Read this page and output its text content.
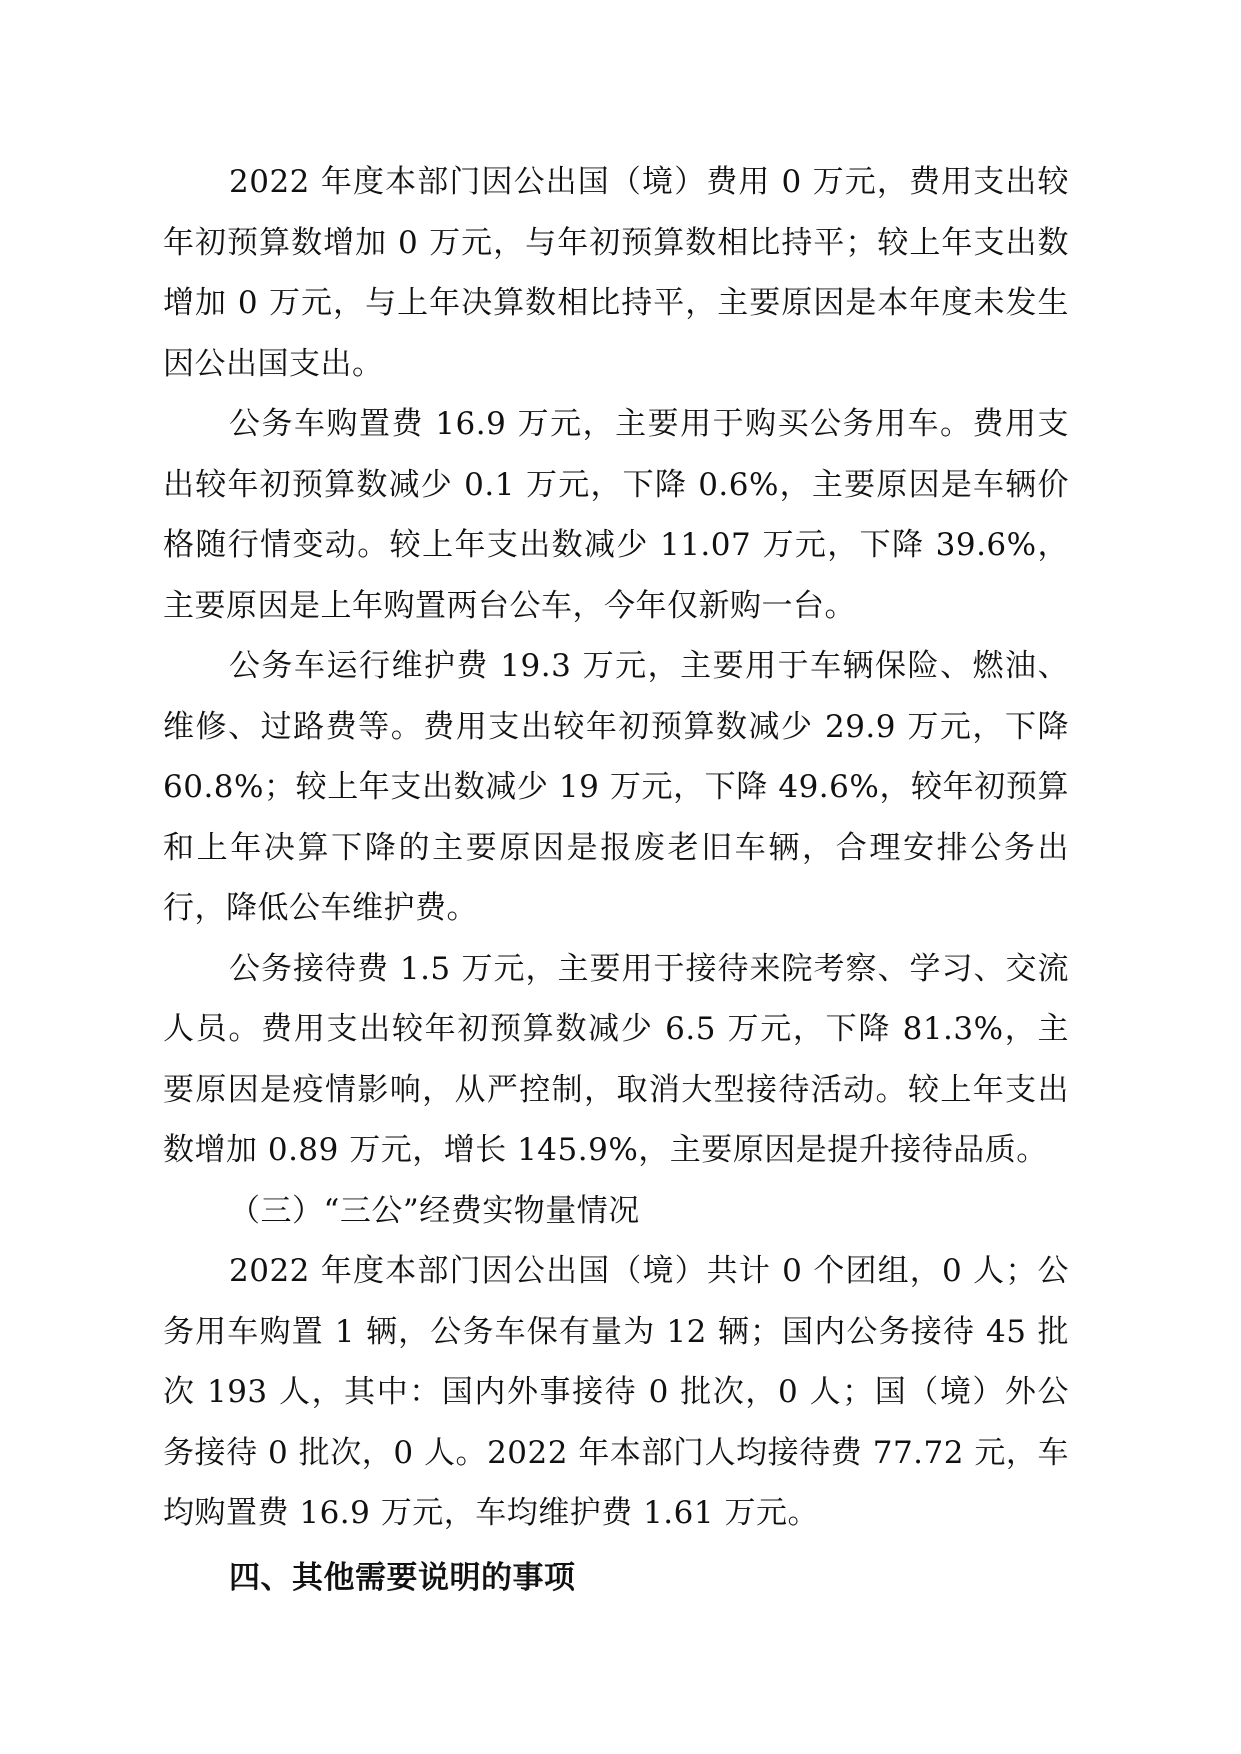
2022 年度本部门因公出国（境）费用 0 万元，费用支出较年初预算数增加 0 万元，与年初预算数相比持平；较上年支出数增加 0 万元，与上年决算数相比持平，主要原因是本年度未发生因公出国支出。

公务车购置费 16.9 万元，主要用于购买公务用车。费用支出较年初预算数减少 0.1 万元，下降 0.6%，主要原因是车辆价格随行情变动。较上年支出数减少 11.07 万元，下降 39.6%，主要原因是上年购置两台公车，今年仅新购一台。

公务车运行维护费 19.3 万元，主要用于车辆保险、燃油、维修、过路费等。费用支出较年初预算数减少 29.9 万元，下降 60.8%；较上年支出数减少 19 万元，下降 49.6%，较年初预算和上年决算下降的主要原因是报废老旧车辆，合理安排公务出行，降低公车维护费。

公务接待费 1.5 万元，主要用于接待来院考察、学习、交流人员。费用支出较年初预算数减少 6.5 万元，下降 81.3%，主要原因是疫情影响，从严控制，取消大型接待活动。较上年支出数增加 0.89 万元，增长 145.9%，主要原因是提升接待品质。

（三）“三公”经费实物量情况

2022 年度本部门因公出国（境）共计 0 个团组，0 人；公务用车购置 1 辆，公务车保有量为 12 辆；国内公务接待 45 批次 193 人，其中：国内外事接待 0 批次，0 人；国（境）外公务接待 0 批次，0 人。2022 年本部门人均接待费 77.72 元，车均购置费 16.9 万元，车均维护费 1.61 万元。

四、其他需要说明的事项
